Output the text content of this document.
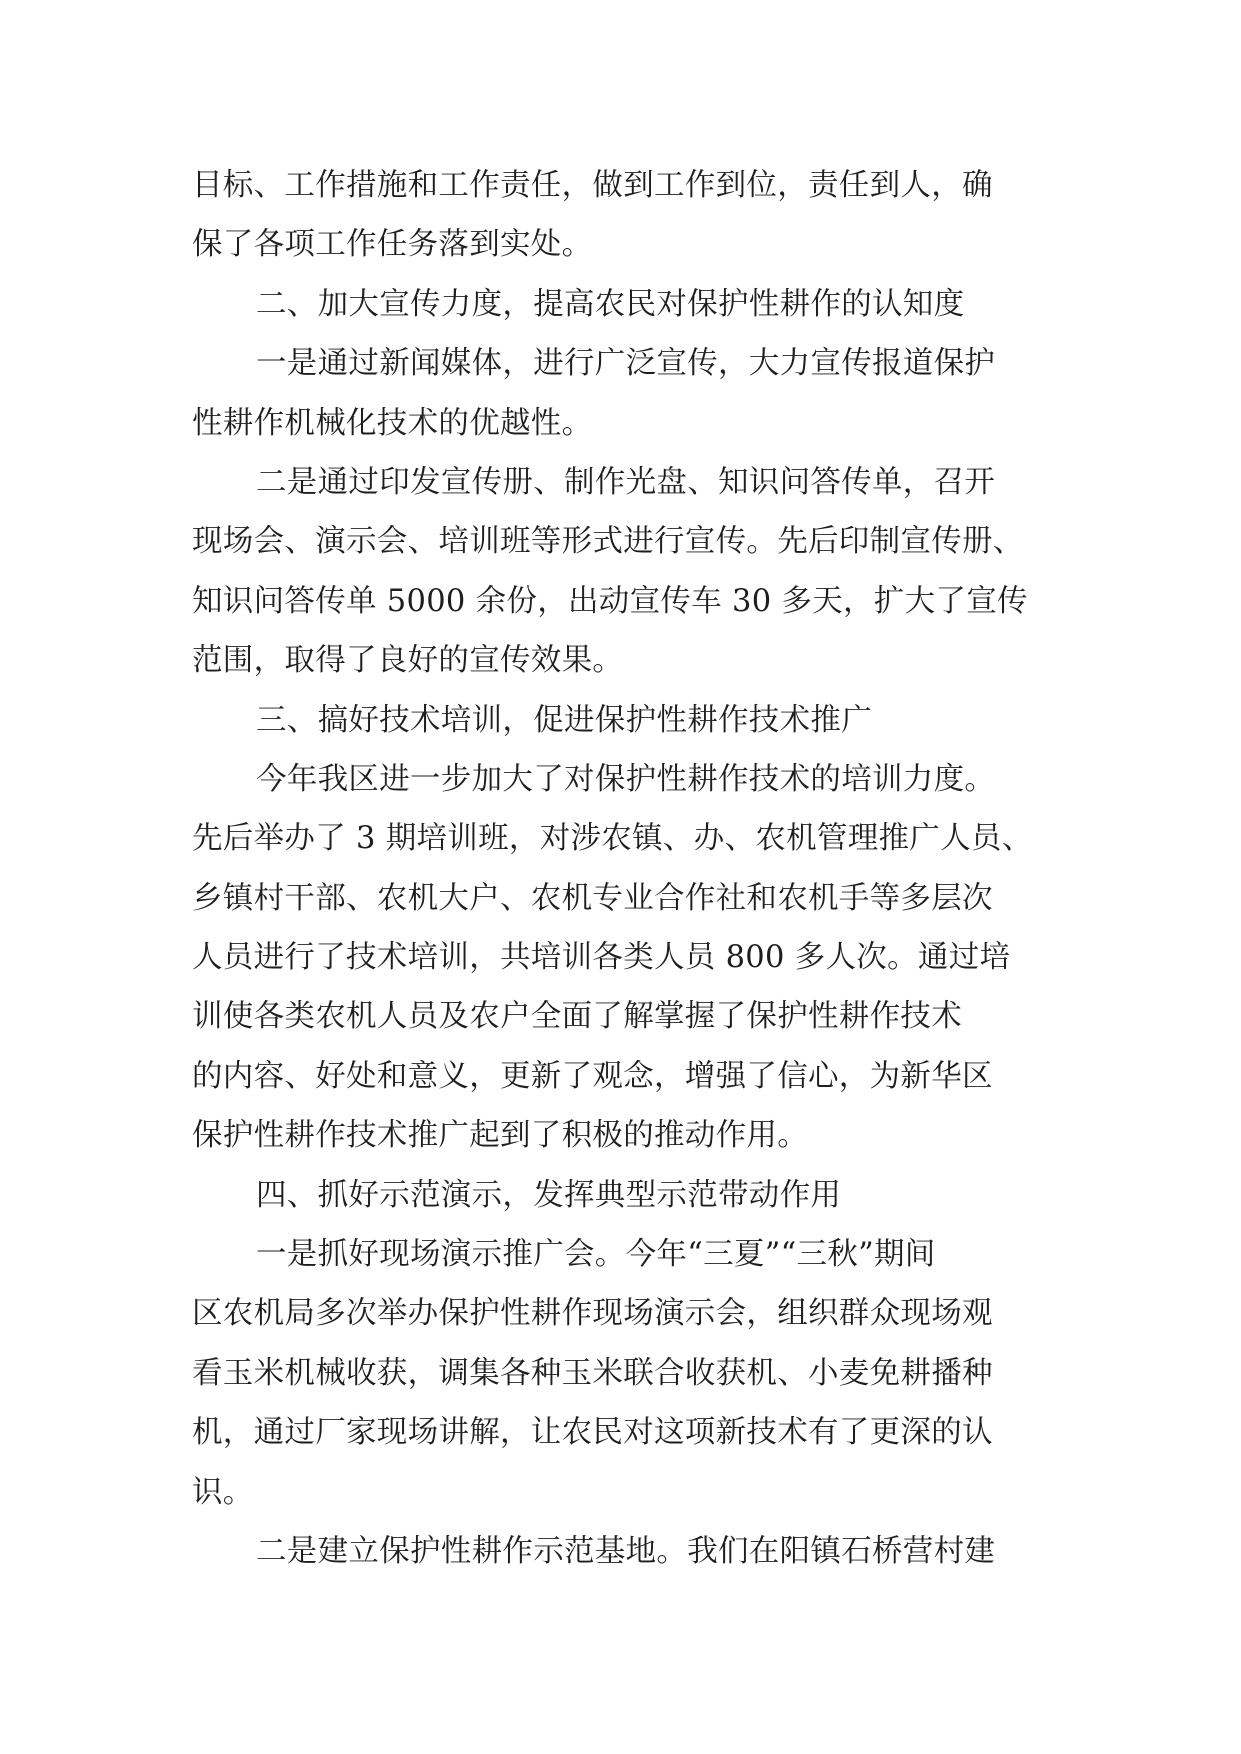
目标、工作措施和工作责任，做到工作到位，责任到人，确
保了各项工作任务落到实处。
二、加大宣传力度，提高农民对保护性耕作的认知度
一是通过新闻媒体，进行广泛宣传，大力宣传报道保护
性耕作机械化技术的优越性。
二是通过印发宣传册、制作光盘、知识问答传单，召开
现场会、演示会、培训班等形式进行宣传。先后印制宣传册、
知识问答传单 5000 余份，出动宣传车 30 多天，扩大了宣传
范围，取得了良好的宣传效果。
三、搞好技术培训，促进保护性耕作技术推广
今年我区进一步加大了对保护性耕作技术的培训力度。
先后举办了 3 期培训班，对涉农镇、办、农机管理推广人员、
乡镇村干部、农机大户、农机专业合作社和农机手等多层次
人员进行了技术培训，共培训各类人员 800 多人次。通过培
训使各类农机人员及农户全面了解掌握了保护性耕作技术
的内容、好处和意义，更新了观念，增强了信心，为新华区
保护性耕作技术推广起到了积极的推动作用。
四、抓好示范演示，发挥典型示范带动作用
一是抓好现场演示推广会。今年“三夏”“三秋”期间
区农机局多次举办保护性耕作现场演示会，组织群众现场观
看玉米机械收获，调集各种玉米联合收获机、小麦免耕播种
机，通过厂家现场讲解，让农民对这项新技术有了更深的认
识。
二是建立保护性耕作示范基地。我们在阳镇石桥营村建
